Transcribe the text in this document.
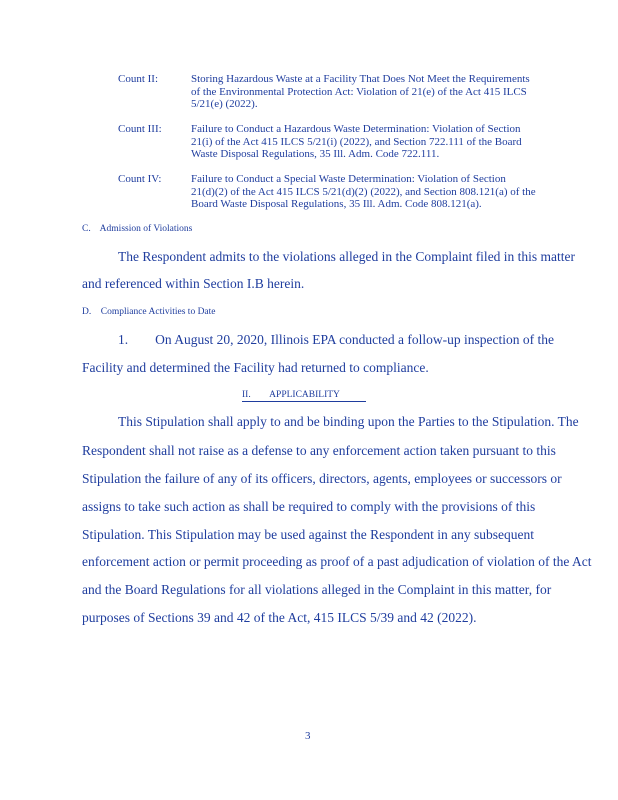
Count II:	Storing Hazardous Waste at a Facility That Does Not Meet the Requirements
of the Environmental Protection Act: Violation of 21(e) of the Act 415 ILCS
5/21(e) (2022).
Count III:	Failure to Conduct a Hazardous Waste Determination: Violation of Section
21(i) of the Act 415 ILCS 5/21(i) (2022), and Section 722.111 of the Board
Waste Disposal Regulations, 35 Ill. Adm. Code 722.111.
Count IV:	Failure to Conduct a Special Waste Determination: Violation of Section
21(d)(2) of the Act 415 ILCS 5/21(d)(2) (2022), and Section 808.121(a) of the
Board Waste Disposal Regulations, 35 Ill. Adm. Code 808.121(a).
C.    Admission of Violations
The Respondent admits to the violations alleged in the Complaint filed in this matter
and referenced within Section I.B herein.
D.    Compliance Activities to Date
1.        On August 20, 2020, Illinois EPA conducted a follow-up inspection of the
Facility and determined the Facility had returned to compliance.
II.        APPLICABILITY
This Stipulation shall apply to and be binding upon the Parties to the Stipulation. The
Respondent shall not raise as a defense to any enforcement action taken pursuant to this
Stipulation the failure of any of its officers, directors, agents, employees or successors or
assigns to take such action as shall be required to comply with the provisions of this
Stipulation. This Stipulation may be used against the Respondent in any subsequent
enforcement action or permit proceeding as proof of a past adjudication of violation of the Act
and the Board Regulations for all violations alleged in the Complaint in this matter, for
purposes of Sections 39 and 42 of the Act, 415 ILCS 5/39 and 42 (2022).
3
